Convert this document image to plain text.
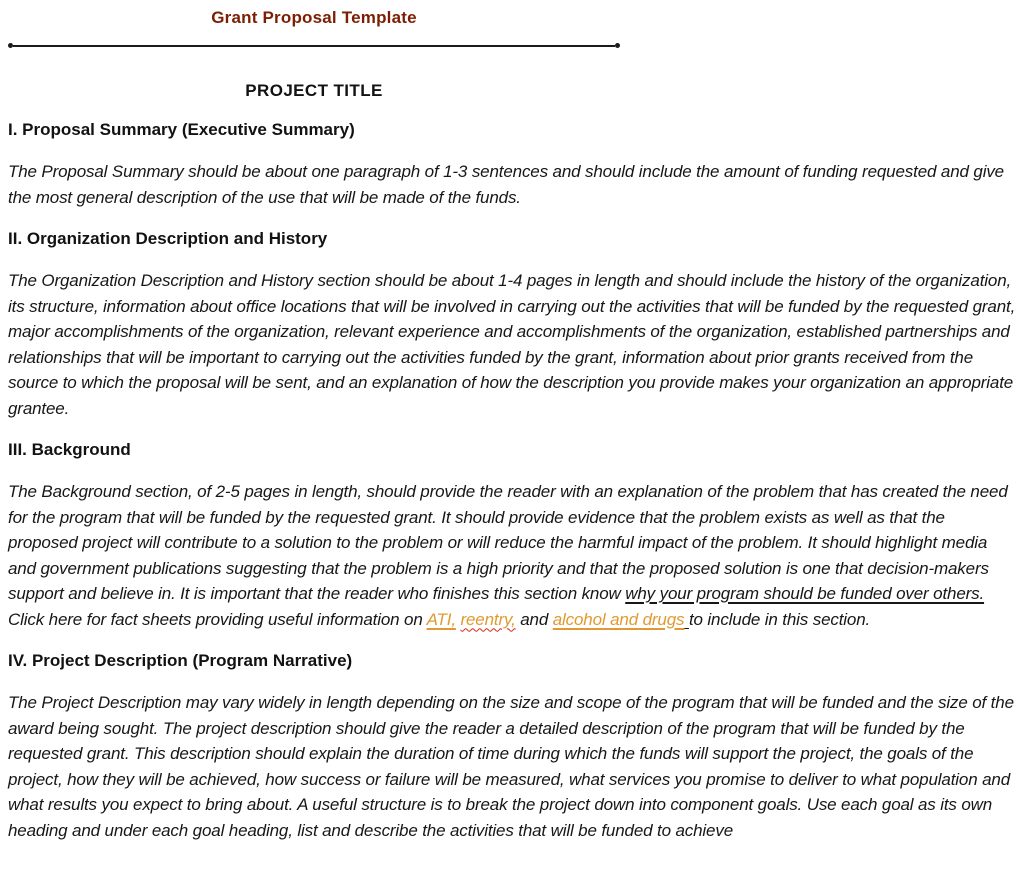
Grant Proposal Template
PROJECT TITLE
I. Proposal Summary (Executive Summary)

The Proposal Summary should be about one paragraph of 1-3 sentences and should include the amount of funding requested and give the most general description of the use that will be made of the funds.

II. Organization Description and History

The Organization Description and History section should be about 1-4 pages in length and should include the history of the organization, its structure, information about office locations that will be involved in carrying out the activities that will be funded by the requested grant, major accomplishments of the organization, relevant experience and accomplishments of the organization, established partnerships and relationships that will be important to carrying out the activities funded by the grant, information about prior grants received from the source to which the proposal will be sent, and an explanation of how the description you provide makes your organization an appropriate grantee.

III. Background

The Background section, of 2-5 pages in length, should provide the reader with an explanation of the problem that has created the need for the program that will be funded by the requested grant. It should provide evidence that the problem exists as well as that the proposed project will contribute to a solution to the problem or will reduce the harmful impact of the problem. It should highlight media and government publications suggesting that the problem is a high priority and that the proposed solution is one that decision-makers support and believe in. It is important that the reader who finishes this section know why your program should be funded over others. Click here for fact sheets providing useful information on ATI, reentry, and alcohol and drugs to include in this section.

IV. Project Description (Program Narrative)

The Project Description may vary widely in length depending on the size and scope of the program that will be funded and the size of the award being sought. The project description should give the reader a detailed description of the program that will be funded by the requested grant. This description should explain the duration of time during which the funds will support the project, the goals of the project, how they will be achieved, how success or failure will be measured, what services you promise to deliver to what population and what results you expect to bring about. A useful structure is to break the project down into component goals. Use each goal as its own heading and under each goal heading, list and describe the activities that will be funded to achieve
